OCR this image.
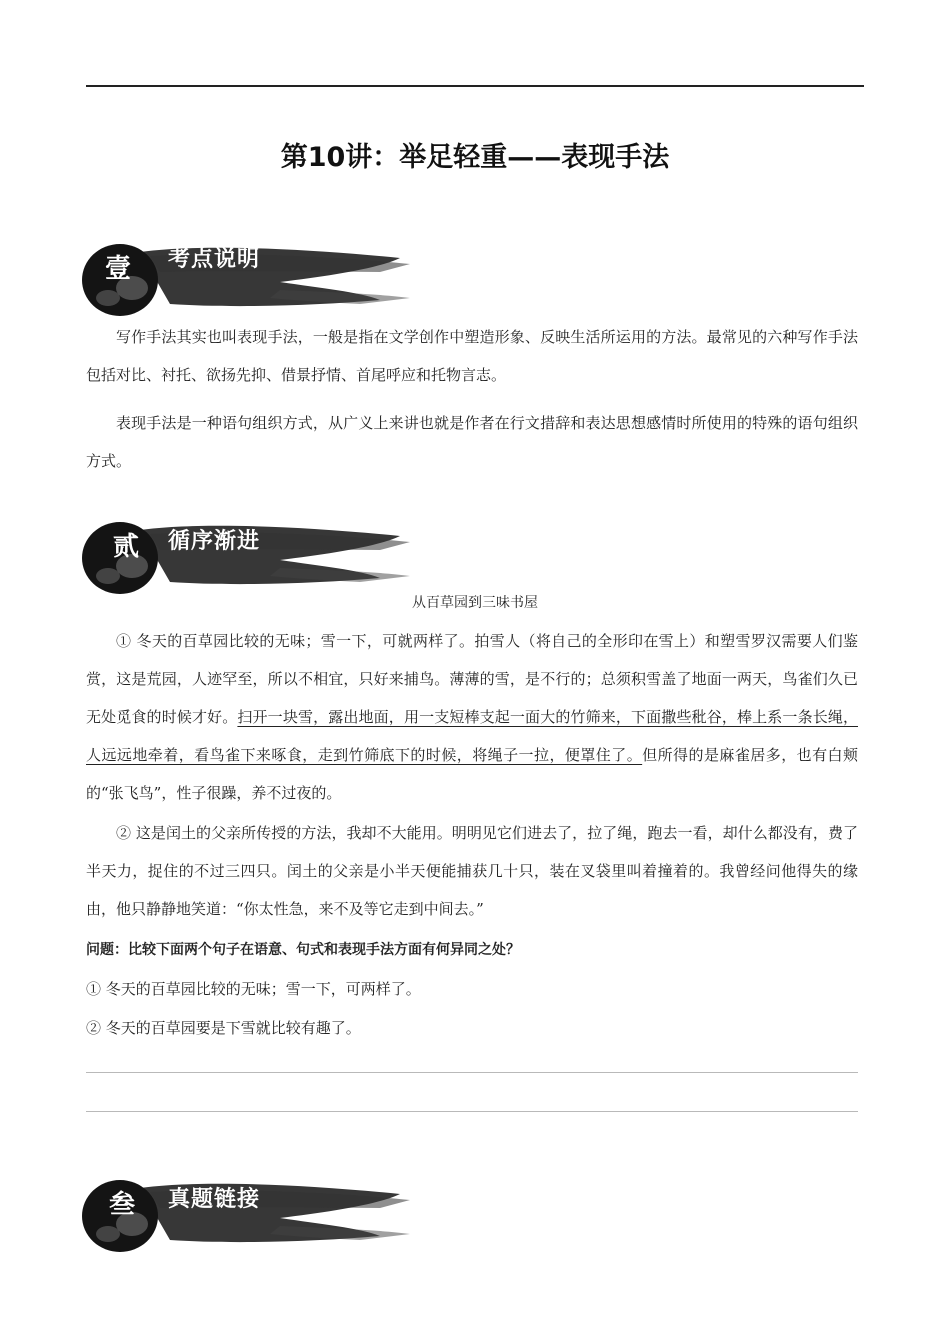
第10讲：举足轻重——表现手法
壹	考点说明
写作手法其实也叫表现手法，一般是指在文学创作中塑造形象、反映生活所运用的方法。最常见的六种写作手法包括对比、衬托、欲扬先抑、借景抒情、首尾呼应和托物言志。
表现手法是一种语句组织方式，从广义上来讲也就是作者在行文措辞和表达思想感情时所使用的特殊的语句组织方式。
贰	循序渐进
从百草园到三味书屋
① 冬天的百草园比较的无味；雪一下，可就两样了。拍雪人（将自己的全形印在雪上）和塑雪罗汉需要人们鉴赏，这是荒园，人迹罕至，所以不相宜，只好来捕鸟。薄薄的雪，是不行的；总须积雪盖了地面一两天，鸟雀们久已无处觅食的时候才好。扫开一块雪，露出地面，用一支短棒支起一面大的竹筛来，下面撒些秕谷，棒上系一条长绳，人远远地牵着，看鸟雀下来啄食，走到竹筛底下的时候，将绳子一拉，便罩住了。但所得的是麻雀居多，也有白颊的“张飞鸟”，性子很躁，养不过夜的。
② 这是闰土的父亲所传授的方法，我却不大能用。明明见它们进去了，拉了绳，跑去一看，却什么都没有，费了半天力，捉住的不过三四只。闰土的父亲是小半天便能捕获几十只，装在叉袋里叫着撞着的。我曾经问他得失的缘由，他只静静地笑道：“你太性急，来不及等它走到中间去。”
问题：比较下面两个句子在语意、句式和表现手法方面有何异同之处？
① 冬天的百草园比较的无味；雪一下，可两样了。
② 冬天的百草园要是下雪就比较有趣了。
叁	真题链接
